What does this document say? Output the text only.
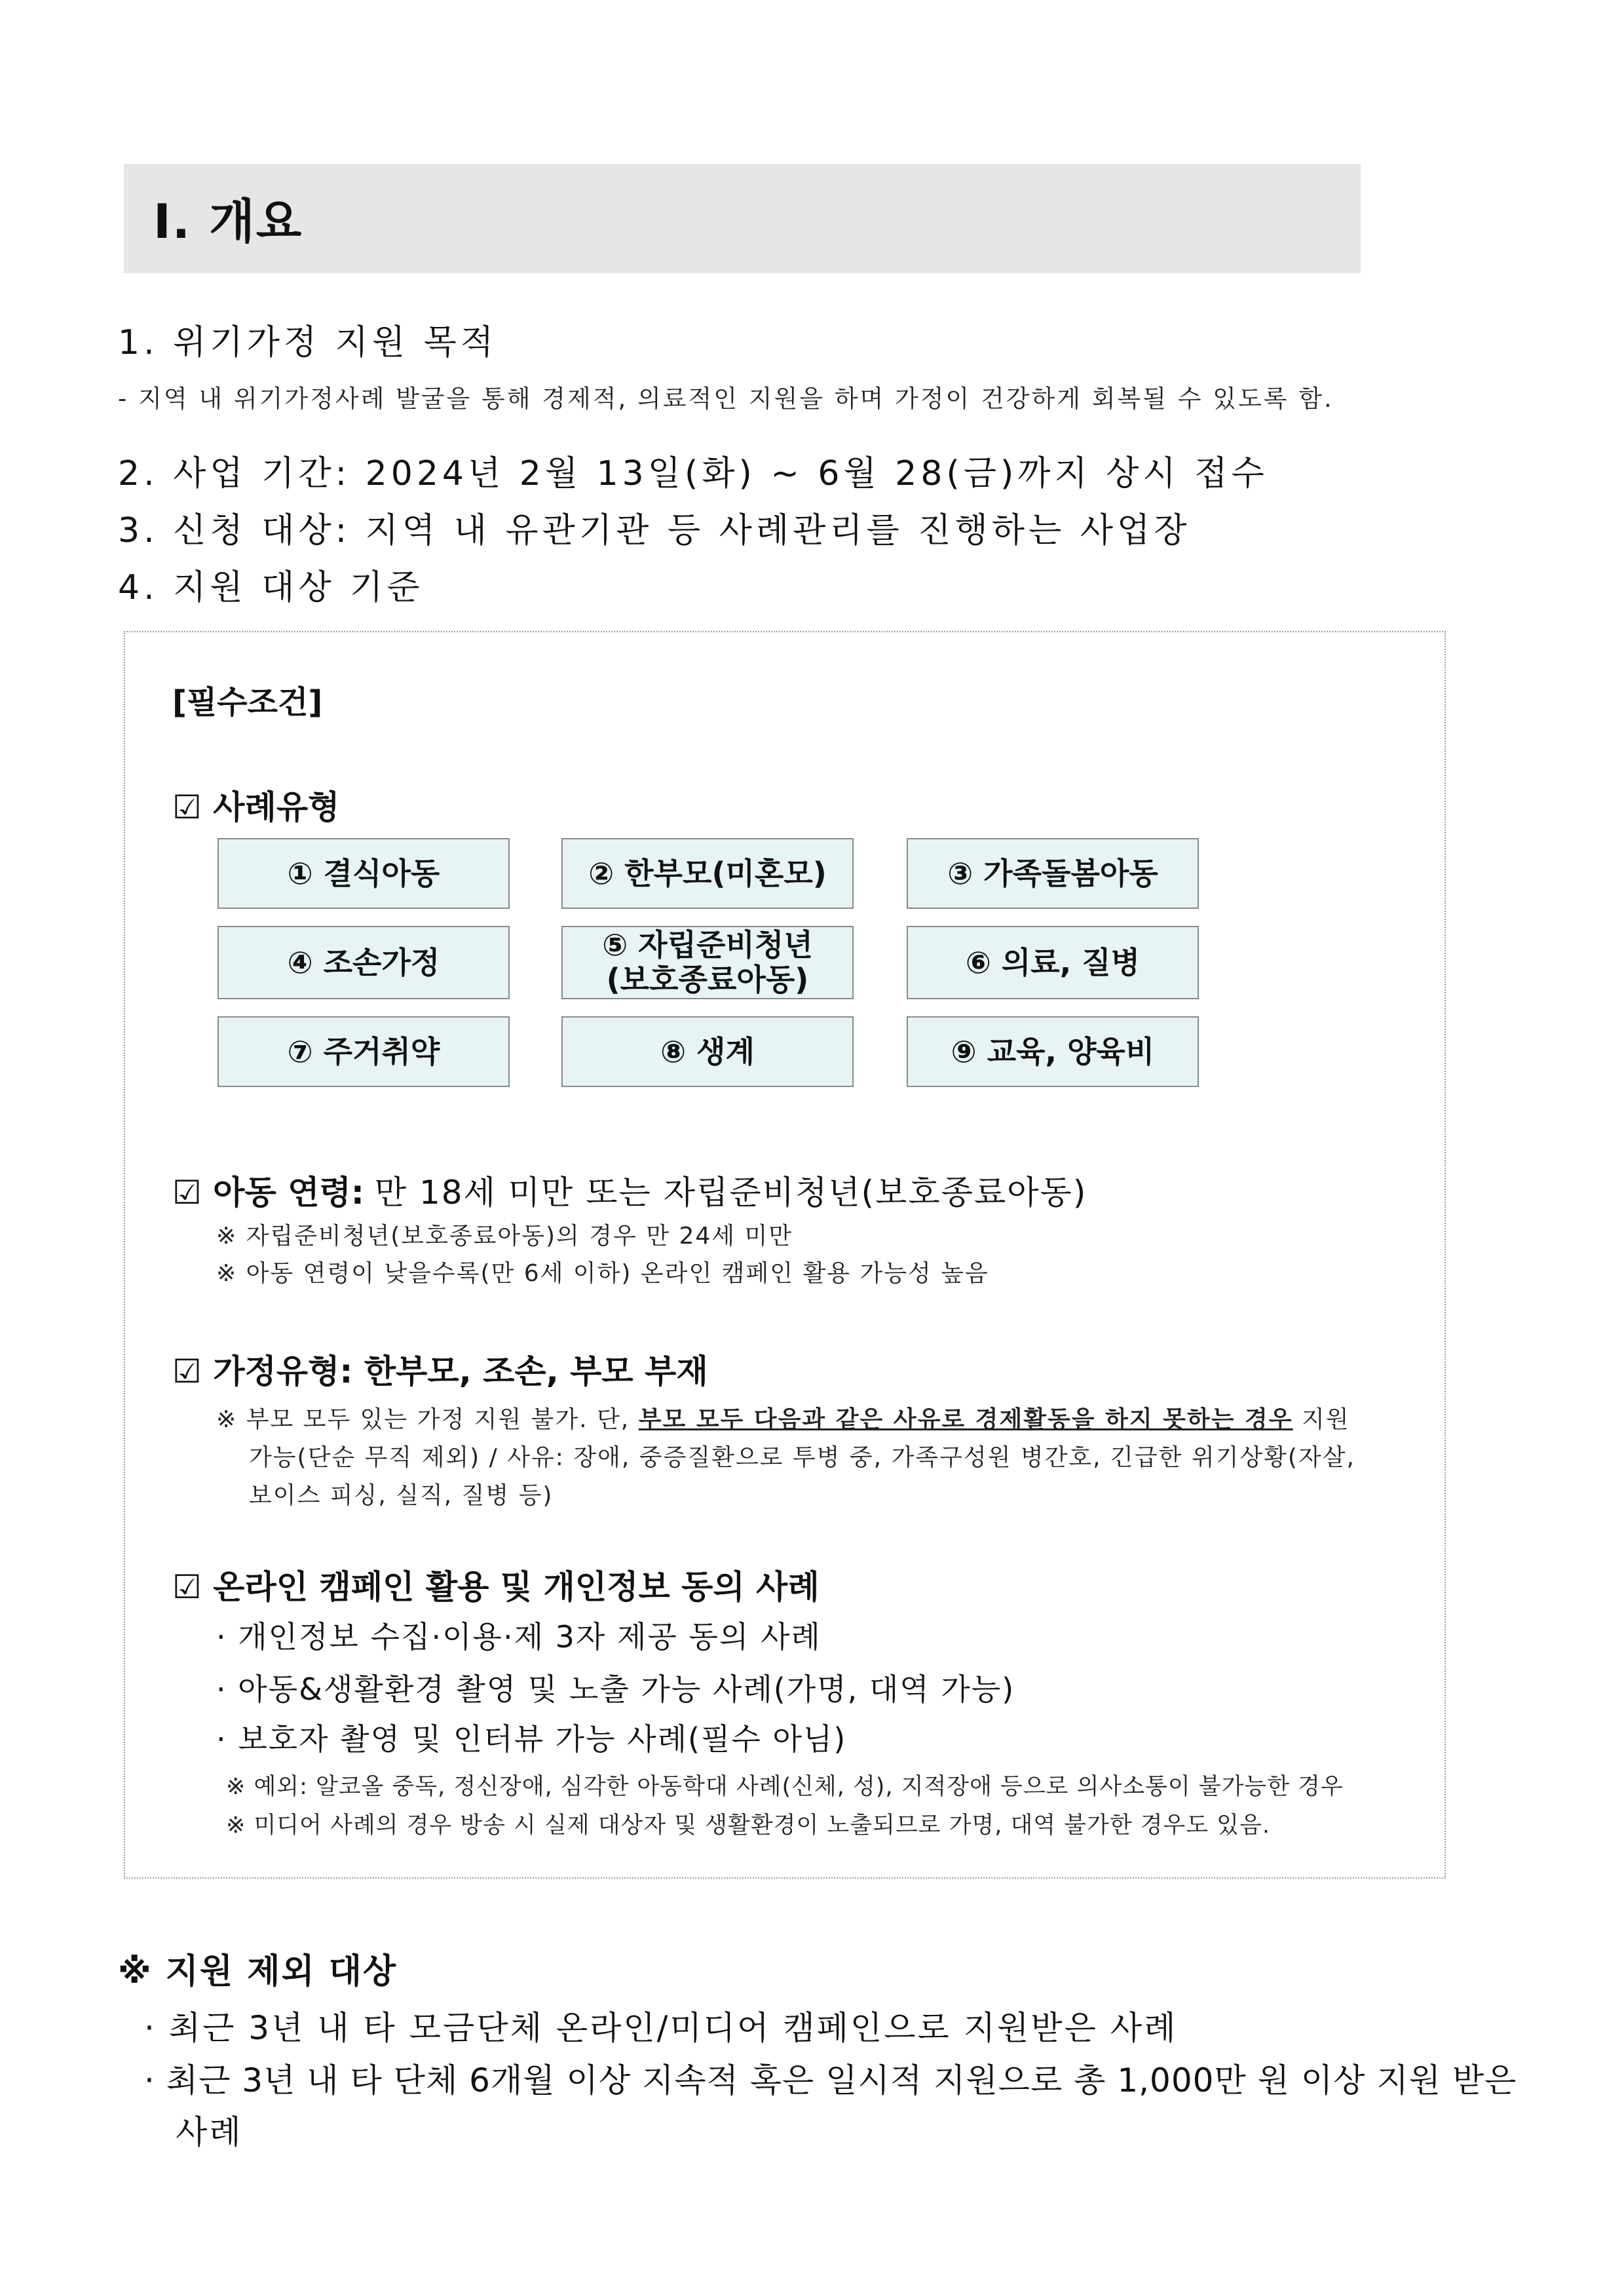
Ⅰ. 개요
1. 위기가정 지원 목적
- 지역 내 위기가정사례 발굴을 통해 경제적, 의료적인 지원을 하며 가정이 건강하게 회복될 수 있도록 함.
2. 사업 기간: 2024년 2월 13일(화) ~ 6월 28(금)까지 상시 접수
3. 신청 대상: 지역 내 유관기관 등 사례관리를 진행하는 사업장
4. 지원 대상 기준
[필수조건]
☑ 사례유형
① 결식아동	② 한부모(미혼모)	③ 가족돌봄아동
④ 조손가정	⑤ 자립준비청년
(보호종료아동)	⑥ 의료, 질병
⑦ 주거취약	⑧ 생계	⑨ 교육, 양육비
☑ 아동 연령: 만 18세 미만 또는 자립준비청년(보호종료아동)
※ 자립준비청년(보호종료아동)의 경우 만 24세 미만
※ 아동 연령이 낮을수록(만 6세 이하) 온라인 캠페인 활용 가능성 높음
☑ 가정유형: 한부모, 조손, 부모 부재
※ 부모 모두 있는 가정 지원 불가. 단, 부모 모두 다음과 같은 사유로 경제활동을 하지 못하는 경우 지원
가능(단순 무직 제외) / 사유: 장애, 중증질환으로 투병 중, 가족구성원 병간호, 긴급한 위기상황(자살,
보이스 피싱, 실직, 질병 등)
☑ 온라인 캠페인 활용 및 개인정보 동의 사례
· 개인정보 수집·이용·제 3자 제공 동의 사례
· 아동&생활환경 촬영 및 노출 가능 사례(가명, 대역 가능)
· 보호자 촬영 및 인터뷰 가능 사례(필수 아님)
※ 예외: 알코올 중독, 정신장애, 심각한 아동학대 사례(신체, 성), 지적장애 등으로 의사소통이 불가능한 경우
※ 미디어 사례의 경우 방송 시 실제 대상자 및 생활환경이 노출되므로 가명, 대역 불가한 경우도 있음.
※ 지원 제외 대상
· 최근 3년 내 타 모금단체 온라인/미디어 캠페인으로 지원받은 사례
· 최근 3년 내 타 단체 6개월 이상 지속적 혹은 일시적 지원으로 총 1,000만 원 이상 지원 받은
사례
